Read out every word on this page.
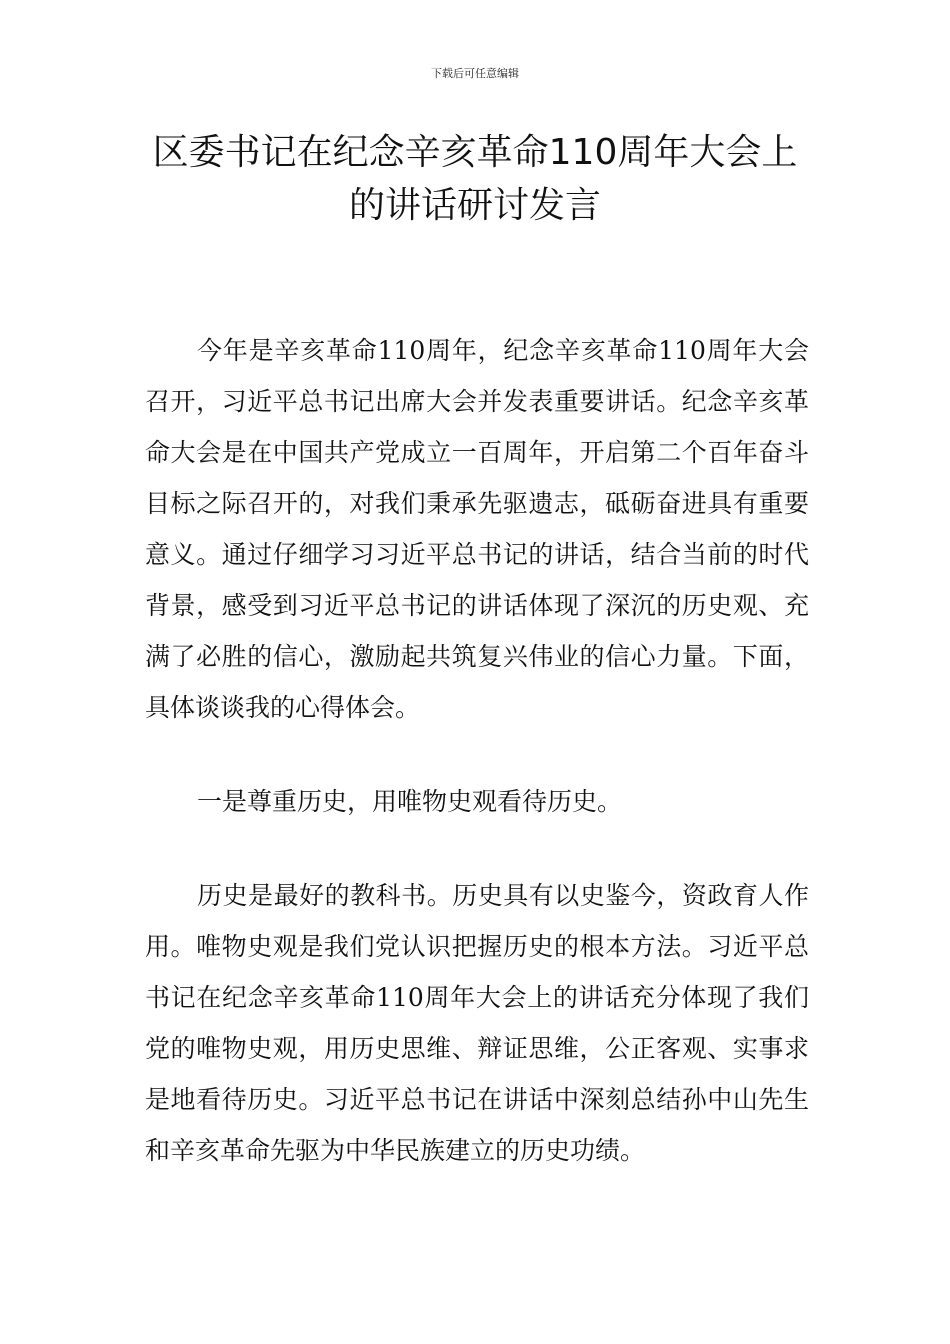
下载后可任意编辑
区委书记在纪念辛亥革命110周年大会上的讲话研讨发言

今年是辛亥革命110周年，纪念辛亥革命110周年大会召开，习近平总书记出席大会并发表重要讲话。纪念辛亥革命大会是在中国共产党成立一百周年，开启第二个百年奋斗目标之际召开的，对我们秉承先驱遗志，砥砺奋进具有重要意义。通过仔细学习习近平总书记的讲话，结合当前的时代背景，感受到习近平总书记的讲话体现了深沉的历史观、充满了必胜的信心，激励起共筑复兴伟业的信心力量。下面，具体谈谈我的心得体会。

一是尊重历史，用唯物史观看待历史。

历史是最好的教科书。历史具有以史鉴今，资政育人作用。唯物史观是我们党认识把握历史的根本方法。习近平总书记在纪念辛亥革命110周年大会上的讲话充分体现了我们党的唯物史观，用历史思维、辩证思维，公正客观、实事求是地看待历史。习近平总书记在讲话中深刻总结孙中山先生和辛亥革命先驱为中华民族建立的历史功绩。
